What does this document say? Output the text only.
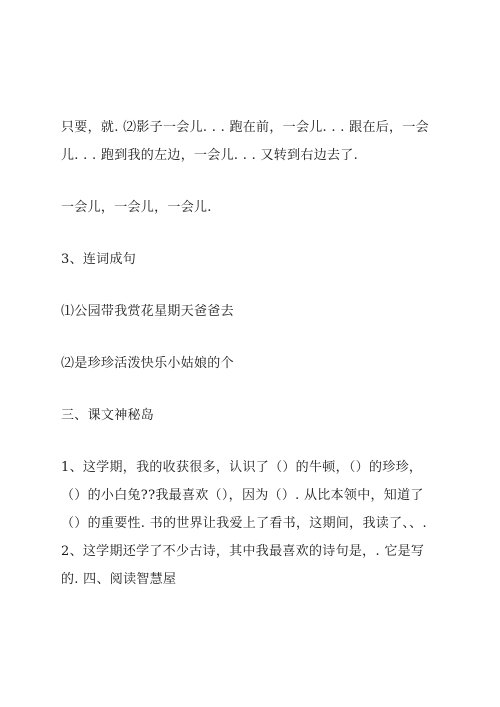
只要，就. ⑵影子一会儿. . . 跑在前，一会儿. . . 跟在后，一会
儿. . . 跑到我的左边，一会儿. . . 又转到右边去了.
一会儿，一会儿，一会儿.
3、连词成句
⑴公园带我赏花星期天爸爸去
⑵是珍珍活泼快乐小姑娘的个
三、课文神秘岛
1、这学期，我的收获很多，认识了（）的牛顿，（）的珍珍，
（）的小白兔??我最喜欢（），因为（）. 从比本领中，知道了
（）的重要性. 书的世界让我爱上了看书，这期间，我读了、、.
2、这学期还学了不少古诗，其中我最喜欢的诗句是，. 它是写
的. 四、阅读智慧屋
